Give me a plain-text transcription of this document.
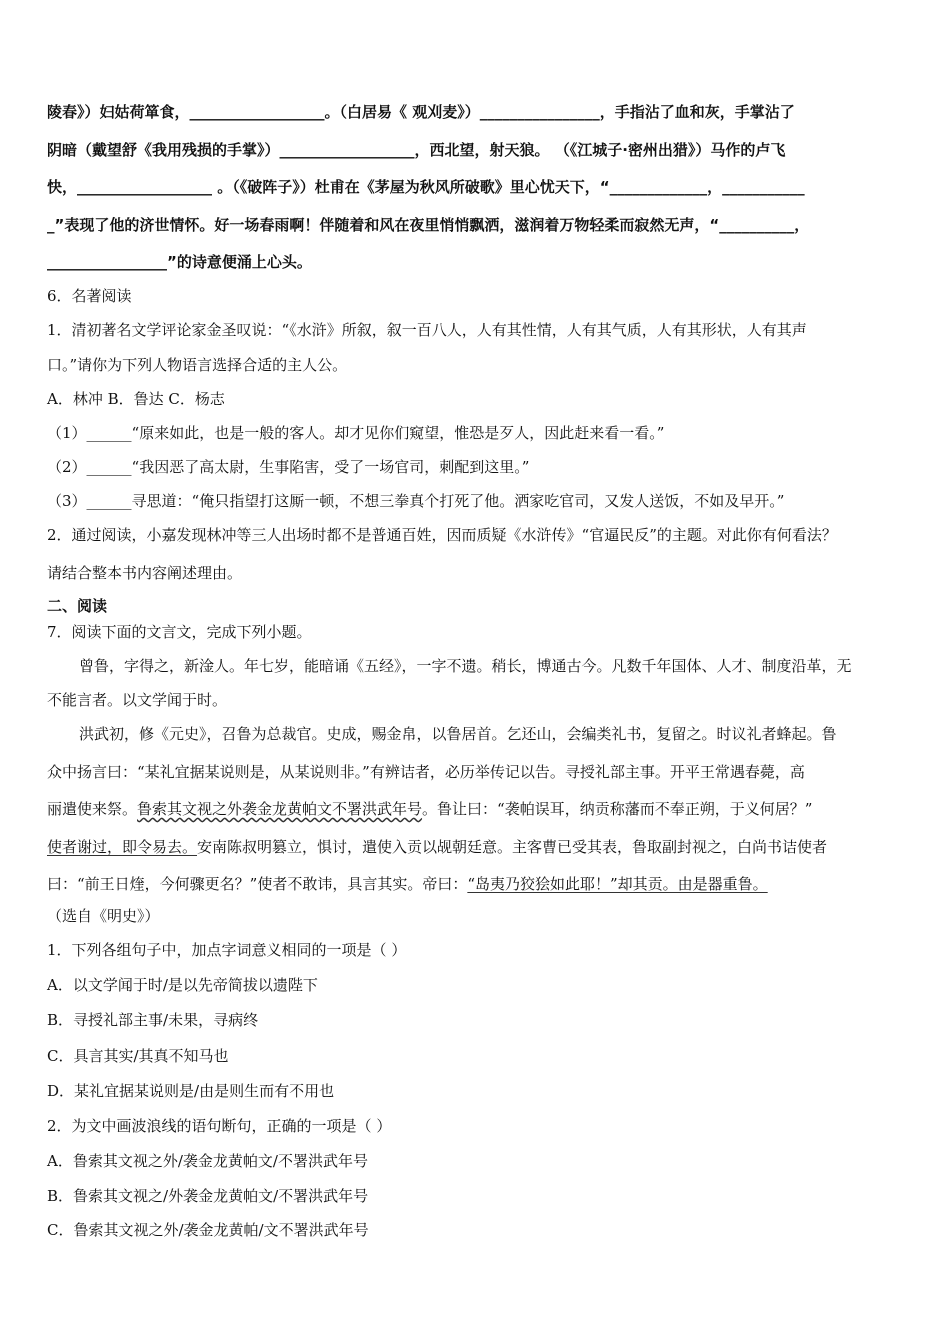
陵春》）妇姑荷箪食，__________________。（白居易《 观刈麦》）________________，手指沾了血和灰，手掌沾了
阴暗（戴望舒《我用残损的手掌》）__________________，西北望，射天狼。 （《江城子·密州出猎》）马作的卢飞
快，__________________ 。（《破阵子》）杜甫在《茅屋为秋风所破歌》里心忧天下，“_____________，___________
_”表现了他的济世情怀。好一场春雨啊！伴随着和风在夜里悄悄飘洒，滋润着万物轻柔而寂然无声，“__________，
________________”的诗意便涌上心头。
6．名著阅读
1．清初著名文学评论家金圣叹说：“《水浒》所叙，叙一百八人，人有其性情，人有其气质，人有其形状，人有其声
口。”请你为下列人物语言选择合适的主人公。
A．林冲 B．鲁达 C．杨志
（1）______“原来如此，也是一般的客人。却才见你们窥望，惟恐是歹人，因此赶来看一看。”
（2）______“我因恶了高太尉，生事陷害，受了一场官司，刺配到这里。”
（3）______寻思道：“俺只指望打这厮一顿，不想三拳真个打死了他。洒家吃官司，又发人送饭，不如及早开。”
2．通过阅读，小嘉发现林冲等三人出场时都不是普通百姓，因而质疑《水浒传》“官逼民反”的主题。对此你有何看法？
请结合整本书内容阐述理由。
二、阅读
7．阅读下面的文言文，完成下列小题。
曾鲁，字得之，新淦人。年七岁，能暗诵《五经》，一字不遗。稍长，博通古今。凡数千年国体、人才、制度沿革，无
不能言者。以文学闻于时。
洪武初，修《元史》，召鲁为总裁官。史成，赐金帛，以鲁居首。乞还山，会编类礼书，复留之。时议礼者蜂起。鲁
众中扬言曰：“某礼宜据某说则是，从某说则非。”有辨诘者，必历举传记以告。寻授礼部主事。开平王常遇春薨，高
丽遣使来祭。鲁索其文视之外袭金龙黄帕文不署洪武年号。鲁让曰：“袭帕误耳，纳贡称藩而不奉正朔，于义何居？”
使者谢过，即令易去。安南陈叔明篡立，惧讨，遣使入贡以觇朝廷意。主客曹已受其表，鲁取副封视之，白尚书诘使者
曰：“前王日煃，今何骤更名？”使者不敢讳，具言其实。帝曰：“岛夷乃狡狯如此耶！”却其贡。由是器重鲁。
（选自《明史》）
1．下列各组句子中，加点字词意义相同的一项是（ ）
A．以文学闻于时/是以先帝简拔以遗陛下
B．寻授礼部主事/未果，寻病终
C．具言其实/其真不知马也
D．某礼宜据某说则是/由是则生而有不用也
2．为文中画波浪线的语句断句，正确的一项是（ ）
A．鲁索其文视之外/袭金龙黄帕文/不署洪武年号
B．鲁索其文视之/外袭金龙黄帕文/不署洪武年号
C．鲁索其文视之外/袭金龙黄帕/文不署洪武年号
